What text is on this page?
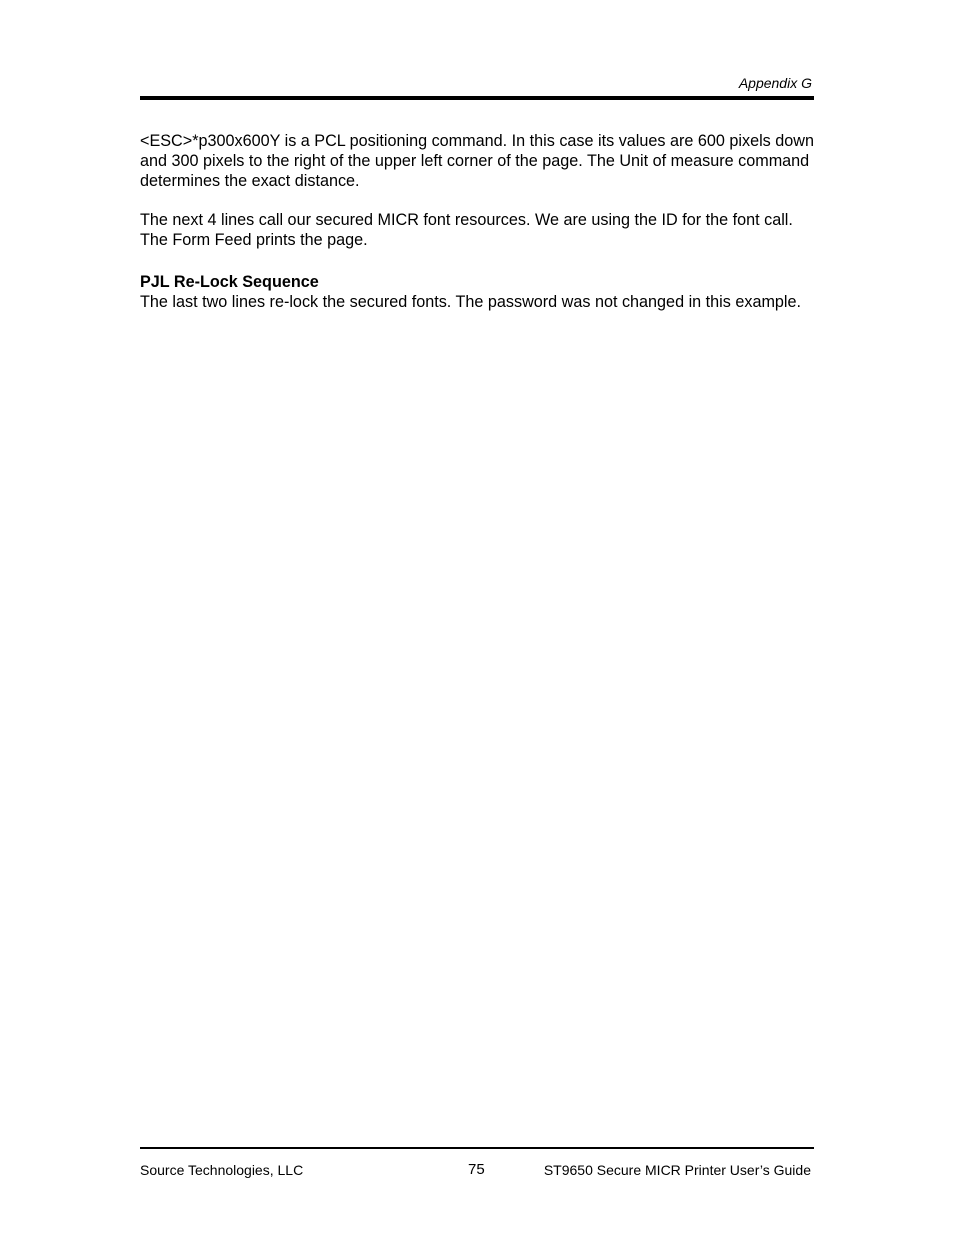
Appendix G

<ESC>*p300x600Y is a PCL positioning command. In this case its values are 600 pixels down and 300 pixels to the right of the upper left corner of the page. The Unit of measure command determines the exact distance.

The next 4 lines call our secured MICR font resources. We are using the ID for the font call. The Form Feed prints the page.

PJL Re-Lock Sequence

The last two lines re-lock the secured fonts. The password was not changed in this example.

Source Technologies, LLC	75	ST9650 Secure MICR Printer User’s Guide
